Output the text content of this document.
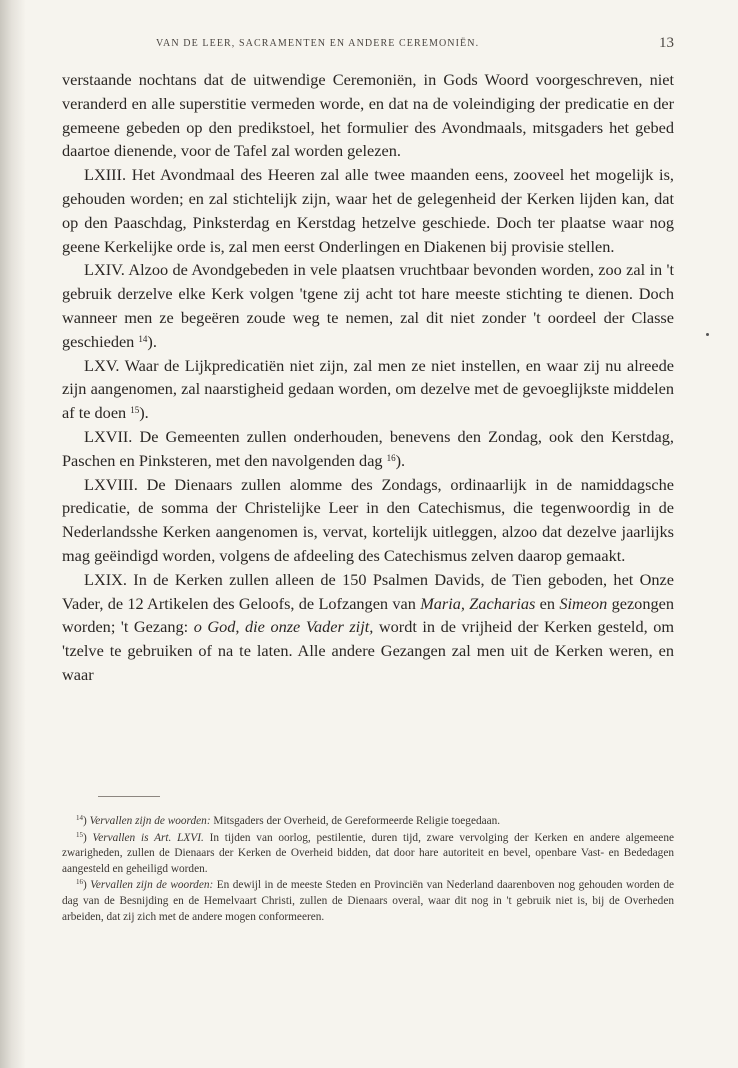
VAN DE LEER, SACRAMENTEN EN ANDERE CEREMONIËN.	13

verstaande nochtans dat de uitwendige Ceremoniën, in Gods Woord voorgeschreven, niet veranderd en alle superstitie vermeden worde, en dat na de voleindiging der predicatie en der gemeene gebeden op den predikstoel, het formulier des Avondmaals, mitsgaders het gebed daartoe dienende, voor de Tafel zal worden gelezen.

LXIII. Het Avondmaal des Heeren zal alle twee maanden eens, zooveel het mogelijk is, gehouden worden; en zal stichtelijk zijn, waar het de gelegenheid der Kerken lijden kan, dat op den Paaschdag, Pinksterdag en Kerstdag hetzelve geschiede. Doch ter plaatse waar nog geene Kerkelijke orde is, zal men eerst Onderlingen en Diakenen bij provisie stellen.

LXIV. Alzoo de Avondgebeden in vele plaatsen vruchtbaar bevonden worden, zoo zal in 't gebruik derzelve elke Kerk volgen 'tgene zij acht tot hare meeste stichting te dienen. Doch wanneer men ze begeëren zoude weg te nemen, zal dit niet zonder 't oordeel der Classe geschieden $^{14}$).

LXV. Waar de Lijkpredicatiën niet zijn, zal men ze niet instellen, en waar zij nu alreede zijn aangenomen, zal naarstigheid gedaan worden, om dezelve met de gevoeglijkste middelen af te doen $^{15}$).

LXVII. De Gemeenten zullen onderhouden, benevens den Zondag, ook den Kerstdag, Paschen en Pinksteren, met den navolgenden dag $^{16}$).

LXVIII. De Dienaars zullen alomme des Zondags, ordinaarlijk in de namiddagsche predicatie, de somma der Christelijke Leer in den Catechismus, die tegenwoordig in de Nederlandsshe Kerken aangenomen is, vervat, kortelijk uitleggen, alzoo dat dezelve jaarlijks mag geëindigd worden, volgens de afdeeling des Catechismus zelven daarop gemaakt.

LXIX. In de Kerken zullen alleen de 150 Psalmen Davids, de Tien geboden, het Onze Vader, de 12 Artikelen des Geloofs, de Lofzangen van Maria, Zacharias en Simeon gezongen worden; 't Gezang: o God, die onze Vader zijt, wordt in de vrijheid der Kerken gesteld, om 'tzelve te gebruiken of na te laten. Alle andere Gezangen zal men uit de Kerken weren, en waar

$^{14}$) Vervallen zijn de woorden: Mitsgaders der Overheid, de Gereformeerde Religie toegedaan.

$^{15}$) Vervallen is Art. LXVI. In tijden van oorlog, pestilentie, duren tijd, zware vervolging der Kerken en andere algemeene zwarigheden, zullen de Dienaars der Kerken de Overheid bidden, dat door hare autoriteit en bevel, openbare Vast- en Bededagen aangesteld en geheiligd worden.

$^{16}$) Vervallen zijn de woorden: En dewijl in de meeste Steden en Provinciën van Nederland daarenboven nog gehouden worden de dag van de Besnijding en de Hemelvaart Christi, zullen de Dienaars overal, waar dit nog in 't gebruik niet is, bij de Overheden arbeiden, dat zij zich met de andere mogen conformeeren.
